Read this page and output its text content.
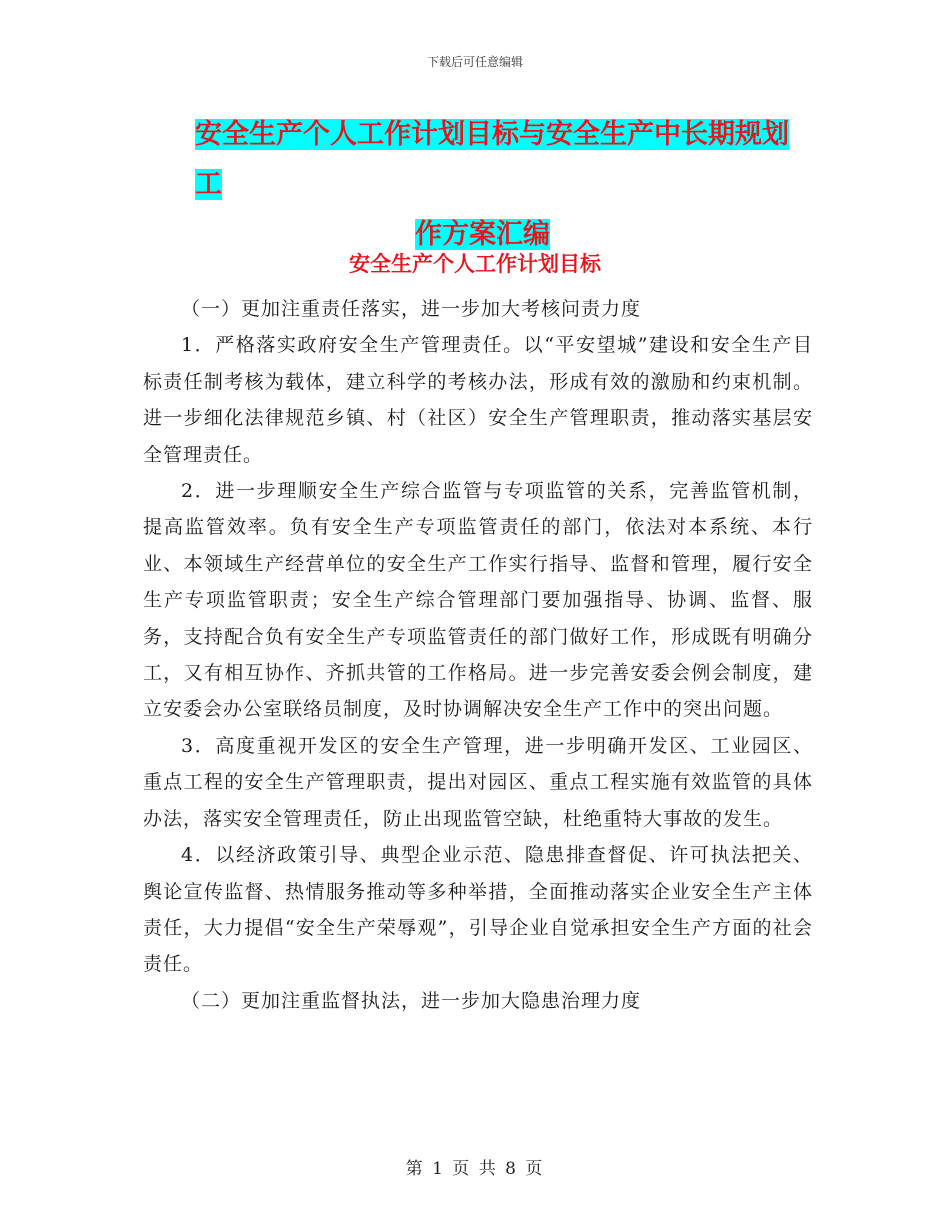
下载后可任意编辑
安全生产个人工作计划目标与安全生产中长期规划工
作方案汇编
安全生产个人工作计划目标

（一）更加注重责任落实，进一步加大考核问责力度

1．严格落实政府安全生产管理责任。以“平安望城”建设和安全生产目标责任制考核为载体，建立科学的考核办法，形成有效的激励和约束机制。进一步细化法律规范乡镇、村（社区）安全生产管理职责，推动落实基层安全管理责任。

2．进一步理顺安全生产综合监管与专项监管的关系，完善监管机制，提高监管效率。负有安全生产专项监管责任的部门，依法对本系统、本行业、本领域生产经营单位的安全生产工作实行指导、监督和管理，履行安全生产专项监管职责；安全生产综合管理部门要加强指导、协调、监督、服务，支持配合负有安全生产专项监管责任的部门做好工作，形成既有明确分工，又有相互协作、齐抓共管的工作格局。进一步完善安委会例会制度，建立安委会办公室联络员制度，及时协调解决安全生产工作中的突出问题。

3．高度重视开发区的安全生产管理，进一步明确开发区、工业园区、重点工程的安全生产管理职责，提出对园区、重点工程实施有效监管的具体办法，落实安全管理责任，防止出现监管空缺，杜绝重特大事故的发生。

4．以经济政策引导、典型企业示范、隐患排查督促、许可执法把关、舆论宣传监督、热情服务推动等多种举措，全面推动落实企业安全生产主体责任，大力提倡“安全生产荣辱观”，引导企业自觉承担安全生产方面的社会责任。

（二）更加注重监督执法，进一步加大隐患治理力度

第 1 页 共 8 页
